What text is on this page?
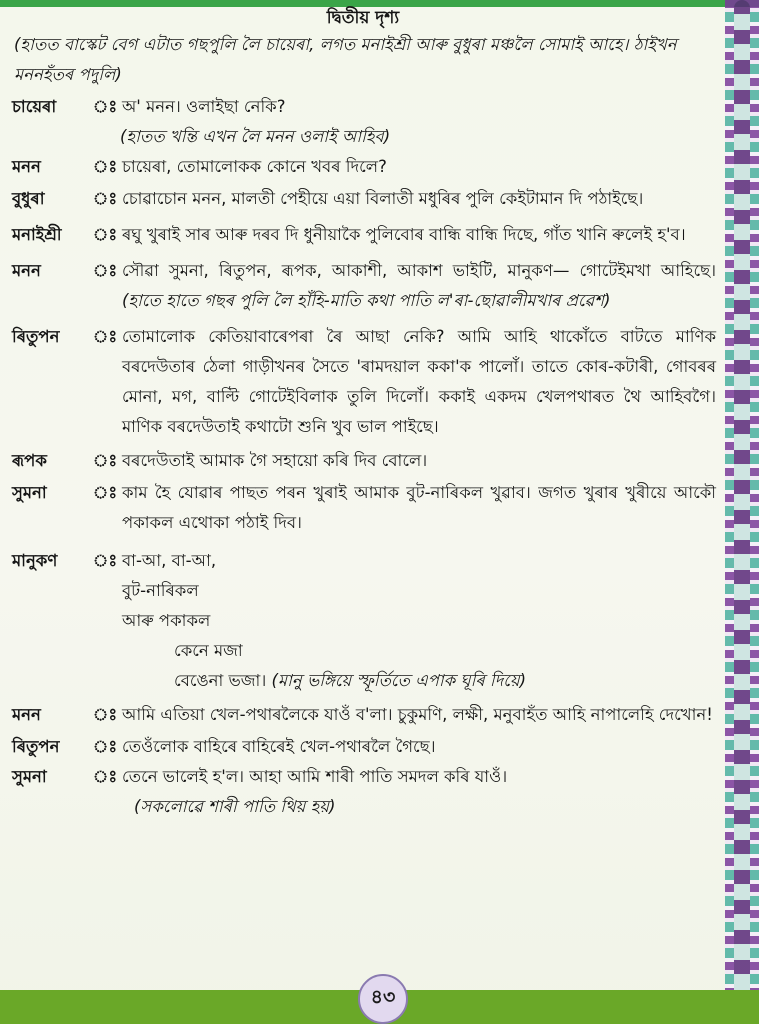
দ্বিতীয় দৃশ্য
(হাতত বাস্কেট বেগ এটাত গছপুলি লৈ চায়েৰা, লগত মনাইশ্ৰী আৰু বুধুৰা মঞ্চলৈ সোমাই আহে। ঠাইখন মননহঁতৰ পদুলি)
চায়েৰা	ঃ অ' মনন। ওলাইছা নেকি?
(হাতত খন্তি এখন লৈ মনন ওলাই আহিব)
মনন	ঃ চায়েৰা, তোমালোকক কোনে খবৰ দিলে?
বুধুৰা	ঃ চোৱাচোন মনন, মালতী পেহীয়ে এয়া বিলাতী মধুৰিৰ পুলি কেইটামান দি পঠাইছে।
মনাইশ্ৰী	ঃ ৰঘু খুৰাই সাৰ আৰু দৰব দি ধুনীয়াকৈ পুলিবোৰ বান্ধি বান্ধি দিছে, গাঁত খানি ৰুলেই হ'ব।
মনন	ঃ সৌৱা সুমনা, ৰিতুপন, ৰূপক, আকাশী, আকাশ ভাইটি, মানুকণ— গোটেইমখা আহিছে। (হাতে হাতে গছৰ পুলি লৈ হাঁহি-মাতি কথা পাতি ল'ৰা-ছোৱালীমখাৰ প্ৰৱেশ)
ৰিতুপন	ঃ তোমালোক কেতিয়াবাৰেপৰা ৰৈ আছা নেকি? আমি আহি থাকোঁতে বাটতে মাণিক বৰদেউতাৰ ঠেলা গাড়ীখনৰ সৈতে 'ৰামদয়াল ককা'ক পালোঁ। তাতে কোৰ-কটাৰী, গোবৰৰ মোনা, মগ, বাল্টি গোটেইবিলাক তুলি দিলোঁ। ককাই একদম খেলপথাৰত থৈ আহিবগৈ। মাণিক বৰদেউতাই কথাটো শুনি খুব ভাল পাইছে।
ৰূপক	ঃ বৰদেউতাই আমাক গৈ সহায়ো কৰি দিব বোলে।
সুমনা	ঃ কাম হৈ যোৱাৰ পাছত পৰন খুৰাই আমাক বুট-নাৰিকল খুৱাব। জগত খুৰাৰ খুৰীয়ে আকৌ পকাকল এথোকা পঠাই দিব।
মানুকণ	ঃ বা-আ, বা-আ,
বুট-নাৰিকল
আৰু পকাকল
কেনে মজা
বেঙেনা ভজা। (মানু ভঙ্গিয়ে স্ফূৰ্তিতে এপাক ঘূৰি দিয়ে)
মনন	ঃ আমি এতিয়া খেল-পথাৰলৈকে যাওঁ ব'লা। চুকুমণি, লক্ষী, মনুবাহঁত আহি নাপালেহি দেখোন!
ৰিতুপন	ঃ তেওঁলোক বাহিৰে বাহিৰেই খেল-পথাৰলৈ গৈছে।
সুমনা	ঃ তেনে ভালেই হ'ল। আহা আমি শাৰী পাতি সমদল কৰি যাওঁ।
(সকলোৱে শাৰী পাতি থিয় হয়)
৪৩
